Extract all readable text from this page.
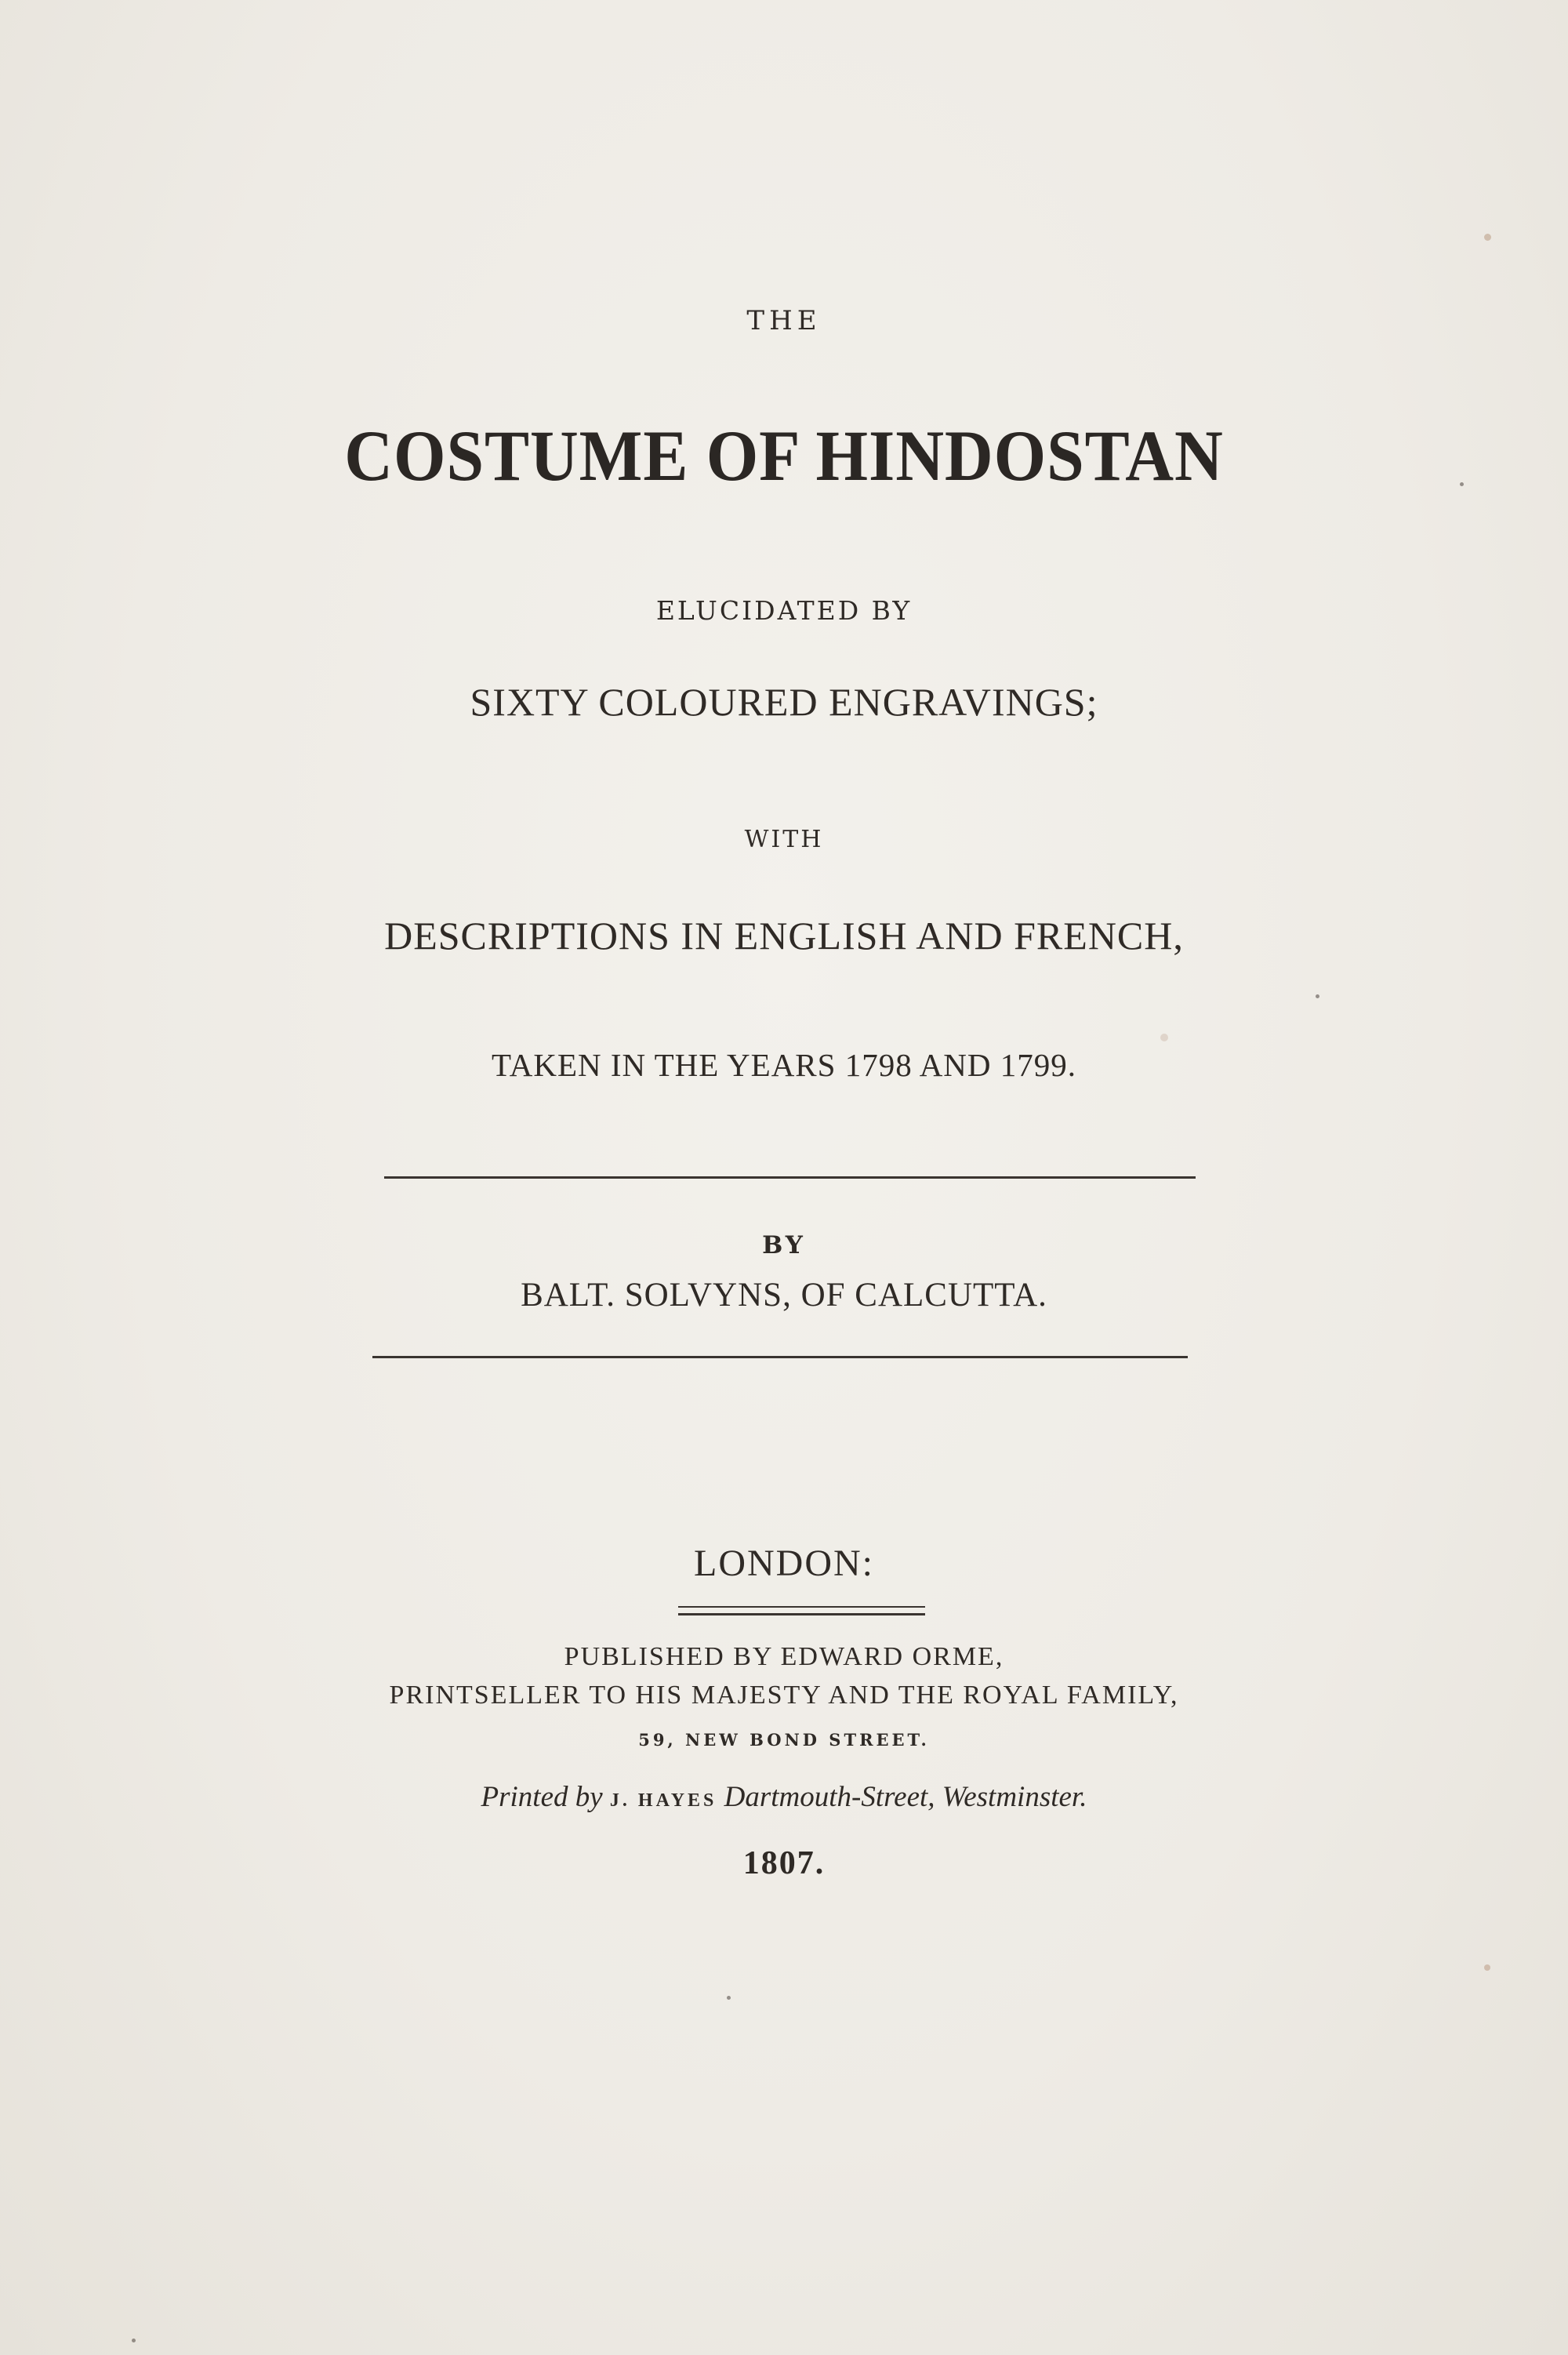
THE
COSTUME OF HINDOSTAN
ELUCIDATED BY
SIXTY COLOURED ENGRAVINGS;
WITH
DESCRIPTIONS IN ENGLISH AND FRENCH,
TAKEN IN THE YEARS 1798 AND 1799.
BY
BALT. SOLVYNS, OF CALCUTTA.
LONDON:
PUBLISHED BY EDWARD ORME,
PRINTSELLER TO HIS MAJESTY AND THE ROYAL FAMILY,
59, NEW BOND STREET.
Printed by J. HAYES Dartmouth-Street, Westminster.
1807.
